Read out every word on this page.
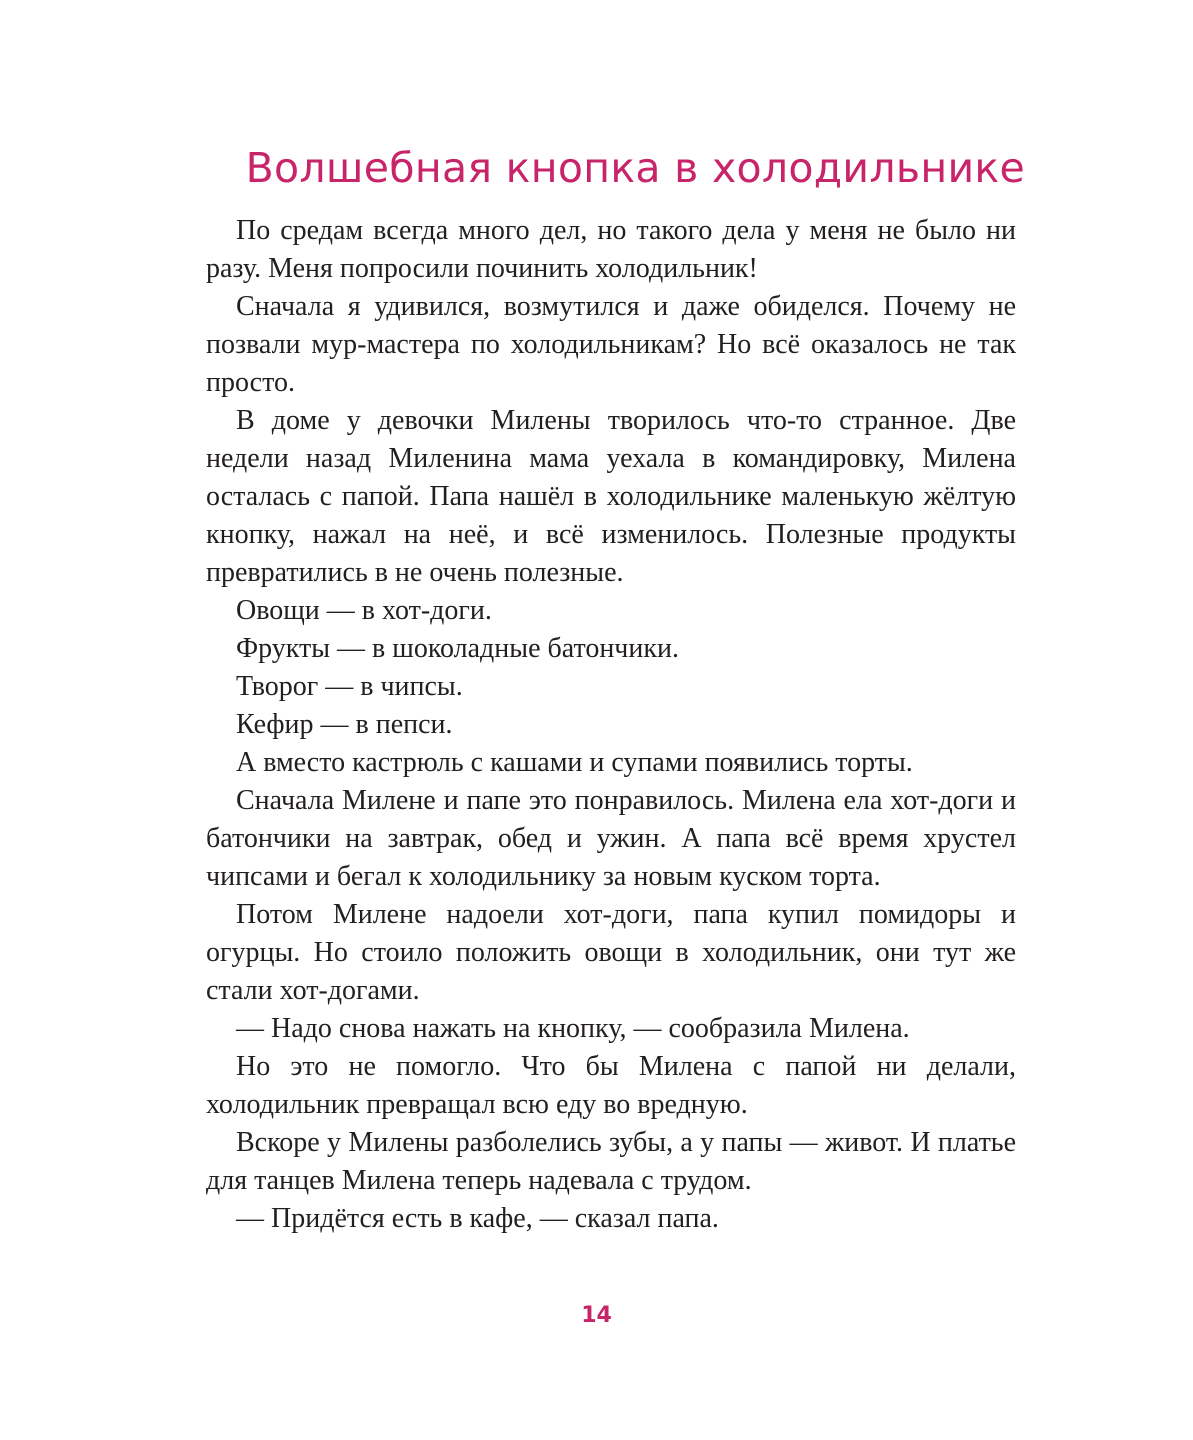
Волшебная кнопка в холодильнике

По средам всегда много дел, но такого дела у меня не было ни разу. Меня попросили починить холодильник!

Сначала я удивился, возмутился и даже обиделся. Почему не позвали мур-мастера по холодильникам? Но всё оказалось не так просто.

В доме у девочки Милены творилось что-то странное. Две недели назад Миленина мама уехала в командировку, Милена осталась с папой. Папа нашёл в холодильнике маленькую жёлтую кнопку, нажал на неё, и всё изменилось. Полезные продукты превратились в не очень полезные.

Овощи — в хот-доги.

Фрукты — в шоколадные батончики.

Творог — в чипсы.

Кефир — в пепси.

А вместо кастрюль с кашами и супами появились торты.

Сначала Милене и папе это понравилось. Милена ела хот-доги и батончики на завтрак, обед и ужин. А папа всё время хрустел чипсами и бегал к холодильнику за новым куском торта.

Потом Милене надоели хот-доги, папа купил помидоры и огурцы. Но стоило положить овощи в холодильник, они тут же стали хот-догами.

— Надо снова нажать на кнопку, — сообразила Милена.

Но это не помогло. Что бы Милена с папой ни делали, холодильник превращал всю еду во вредную.

Вскоре у Милены разболелись зубы, а у папы — живот. И платье для танцев Милена теперь надевала с трудом.

— Придётся есть в кафе, — сказал папа.

14
